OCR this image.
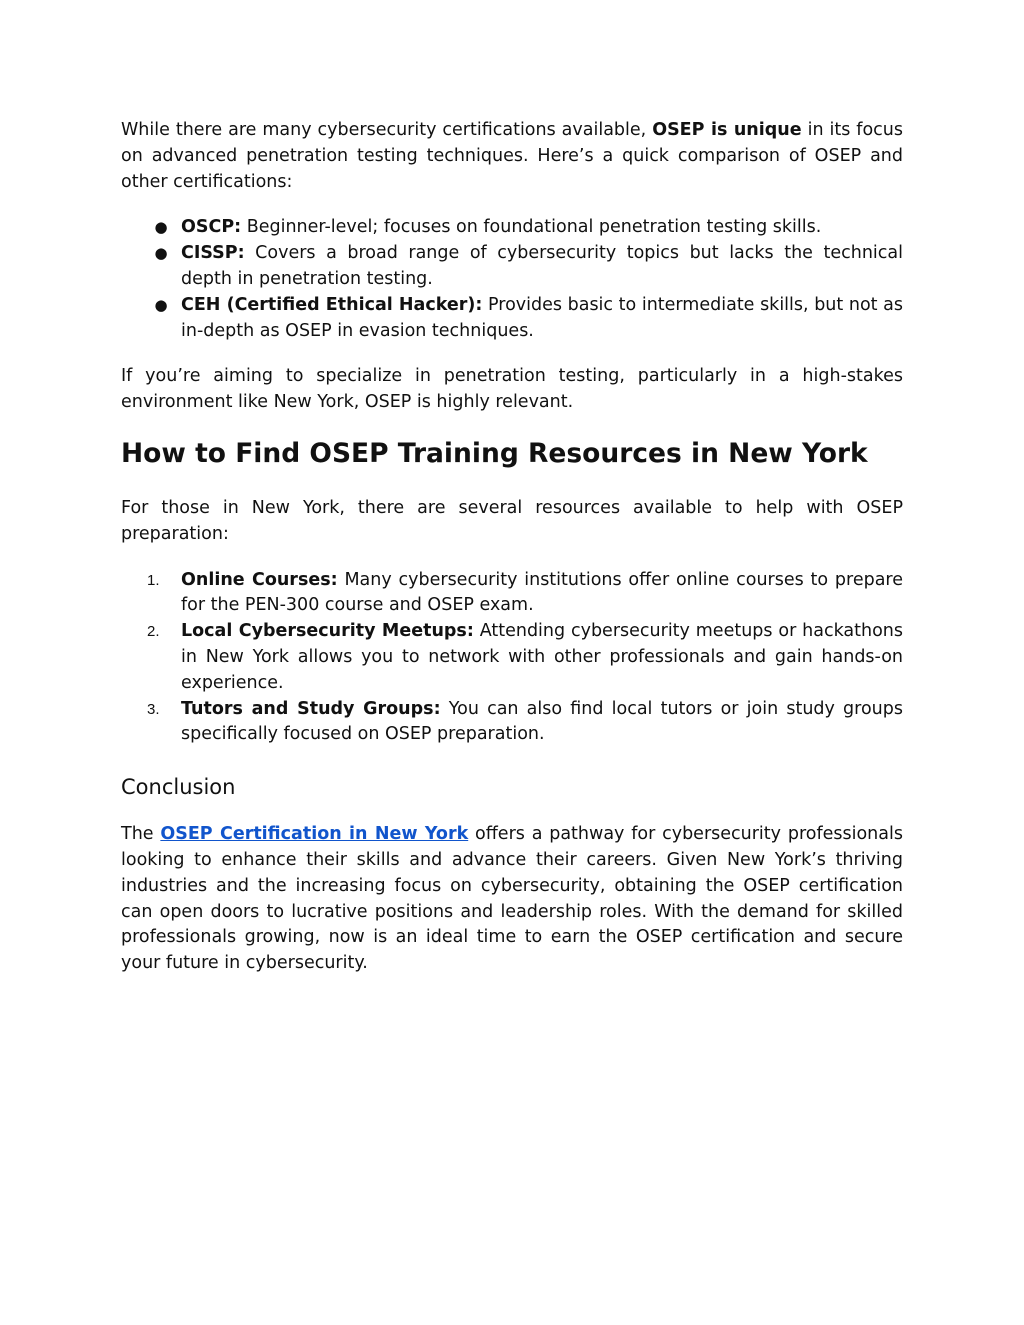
While there are many cybersecurity certifications available, OSEP is unique in its focus on advanced penetration testing techniques. Here’s a quick comparison of OSEP and other certifications:

● OSCP: Beginner-level; focuses on foundational penetration testing skills.
● CISSP: Covers a broad range of cybersecurity topics but lacks the technical depth in penetration testing.
● CEH (Certified Ethical Hacker): Provides basic to intermediate skills, but not as in-depth as OSEP in evasion techniques.

If you’re aiming to specialize in penetration testing, particularly in a high-stakes environment like New York, OSEP is highly relevant.

How to Find OSEP Training Resources in New York

For those in New York, there are several resources available to help with OSEP preparation:

1. Online Courses: Many cybersecurity institutions offer online courses to prepare for the PEN-300 course and OSEP exam.
2. Local Cybersecurity Meetups: Attending cybersecurity meetups or hackathons in New York allows you to network with other professionals and gain hands-on experience.
3. Tutors and Study Groups: You can also find local tutors or join study groups specifically focused on OSEP preparation.
Conclusion

The OSEP Certification in New York offers a pathway for cybersecurity professionals looking to enhance their skills and advance their careers. Given New York’s thriving industries and the increasing focus on cybersecurity, obtaining the OSEP certification can open doors to lucrative positions and leadership roles. With the demand for skilled professionals growing, now is an ideal time to earn the OSEP certification and secure your future in cybersecurity.
